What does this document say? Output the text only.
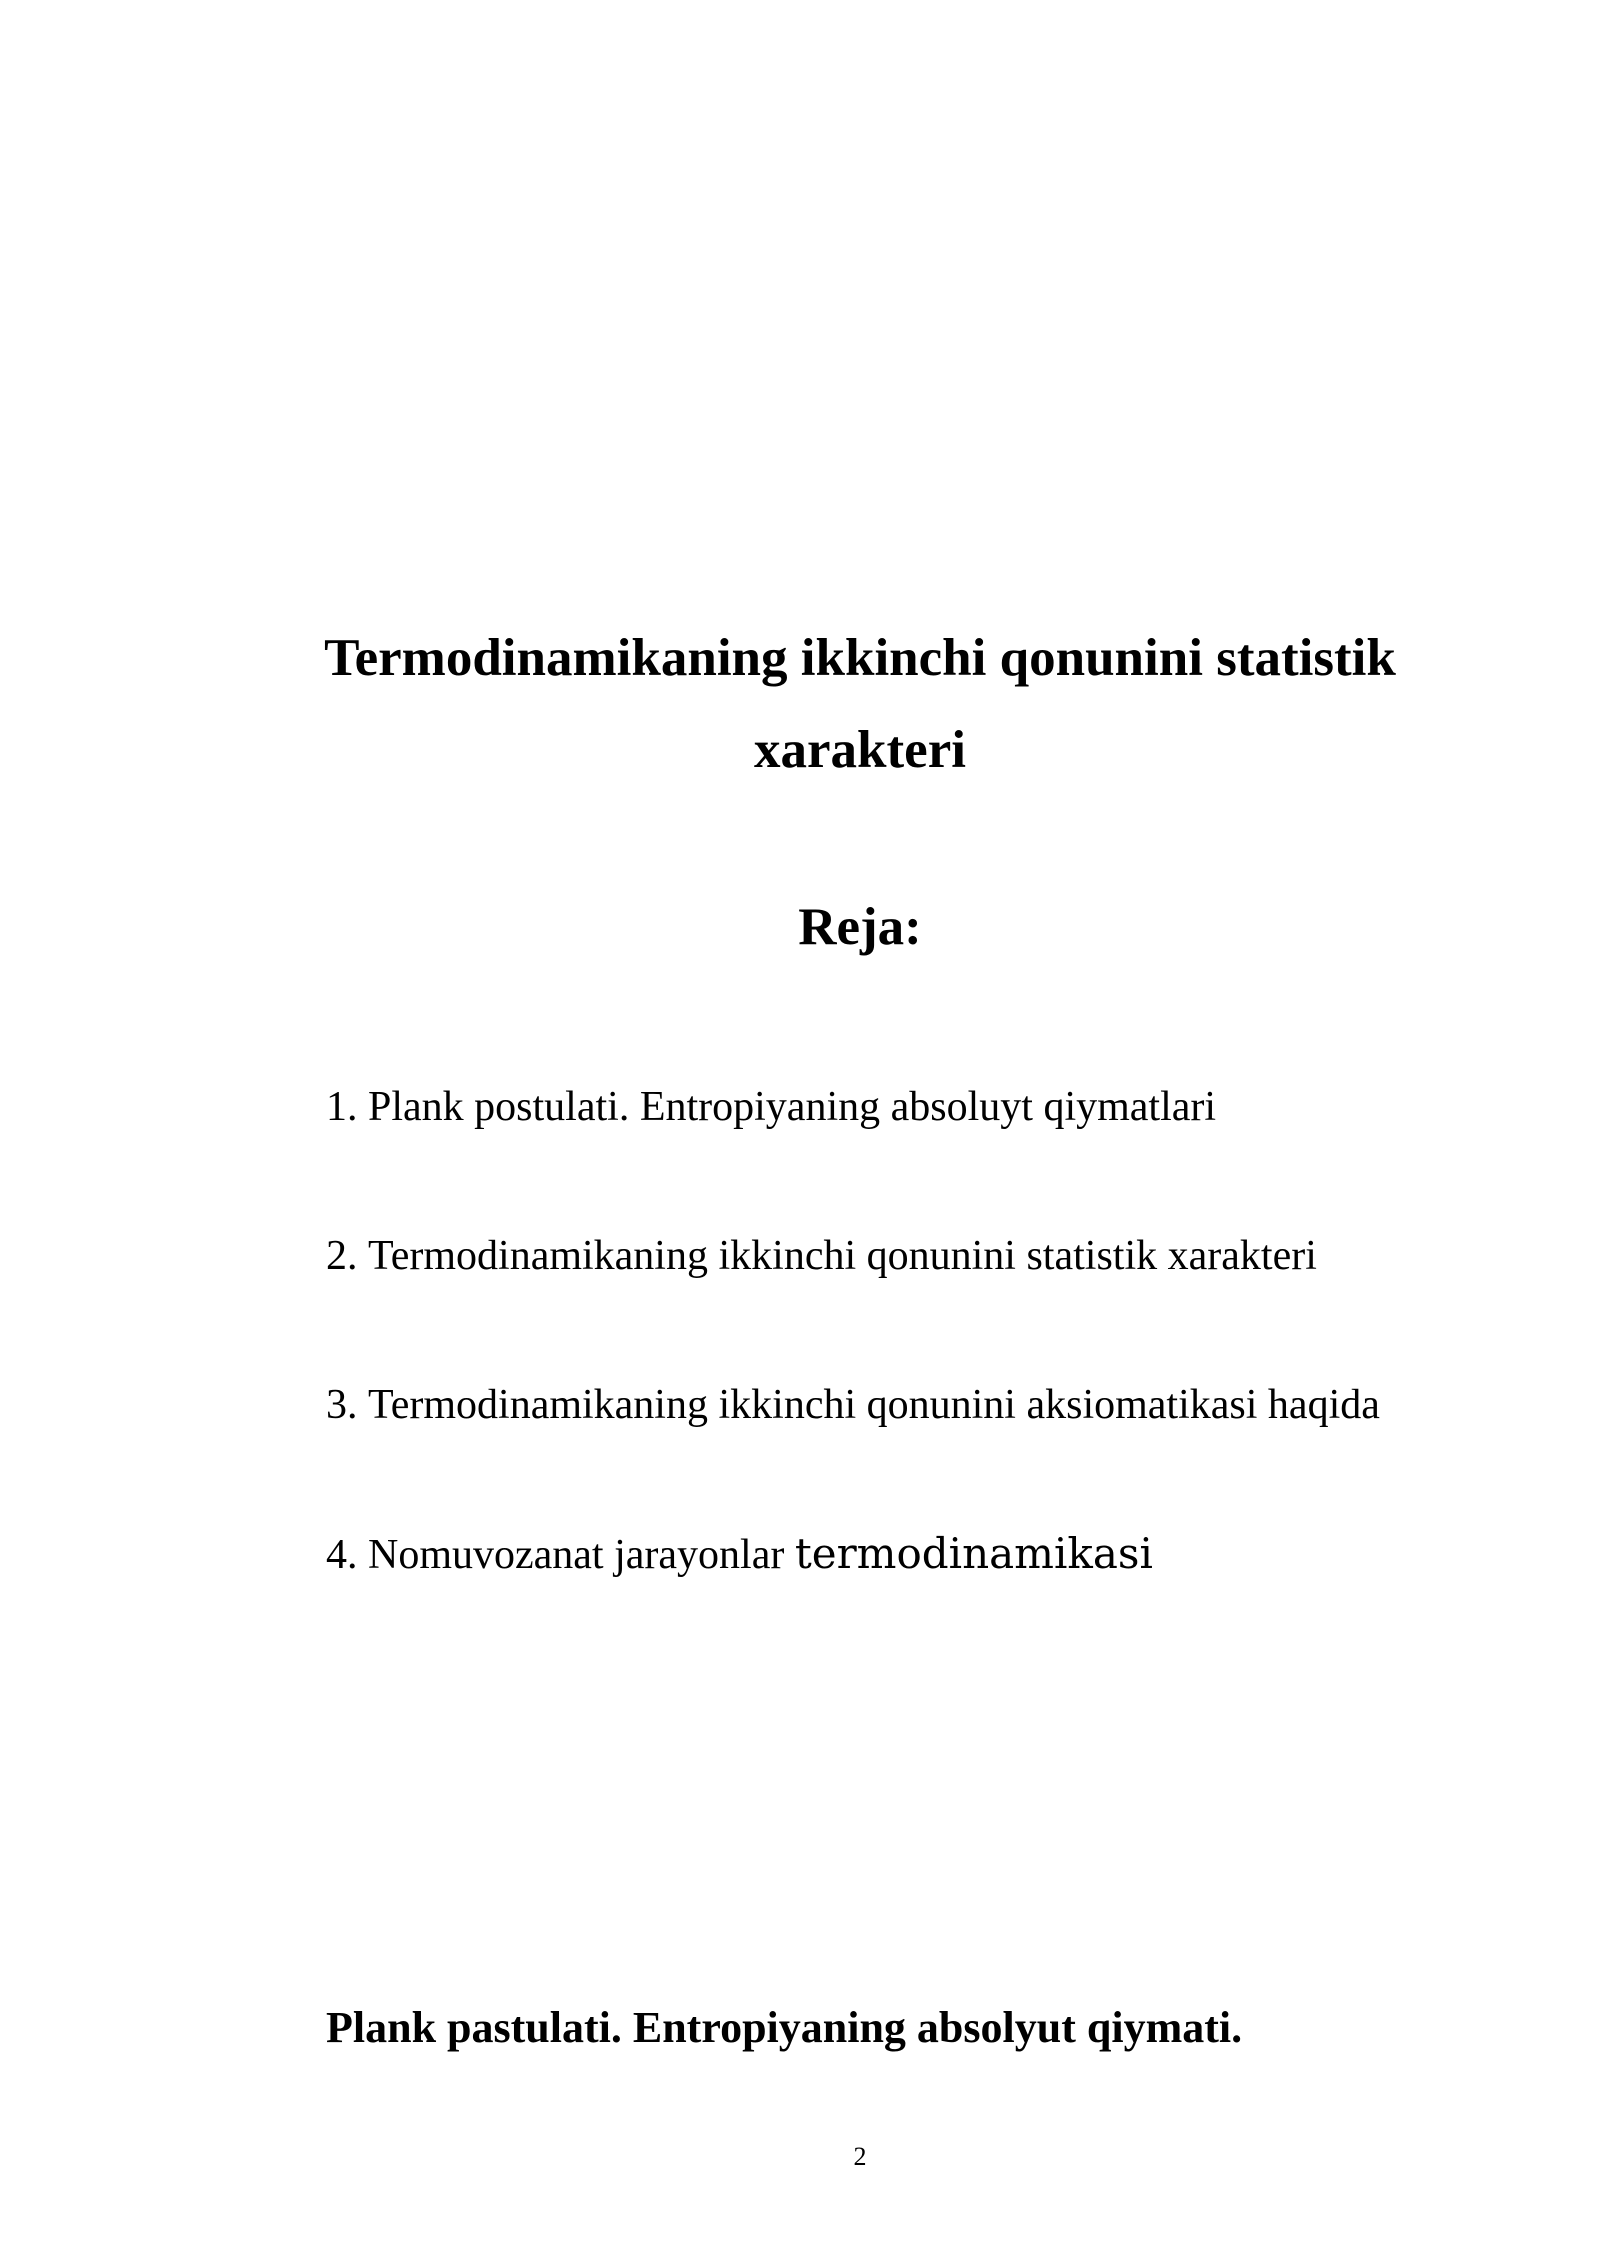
Termodinamikaning ikkinchi qonunini statistik
xarakteri
Reja:
1. Plank postulati. Entropiyaning absoluyt qiymatlari
2. Termodinamikaning ikkinchi qonunini statistik xarakteri
3. Termodinamikaning ikkinchi qonunini aksiomatikasi haqida
4. Nomuvozanat jarayonlar termodinamikasi
Plank pastulati. Entropiyaning absolyut qiymati.
2
